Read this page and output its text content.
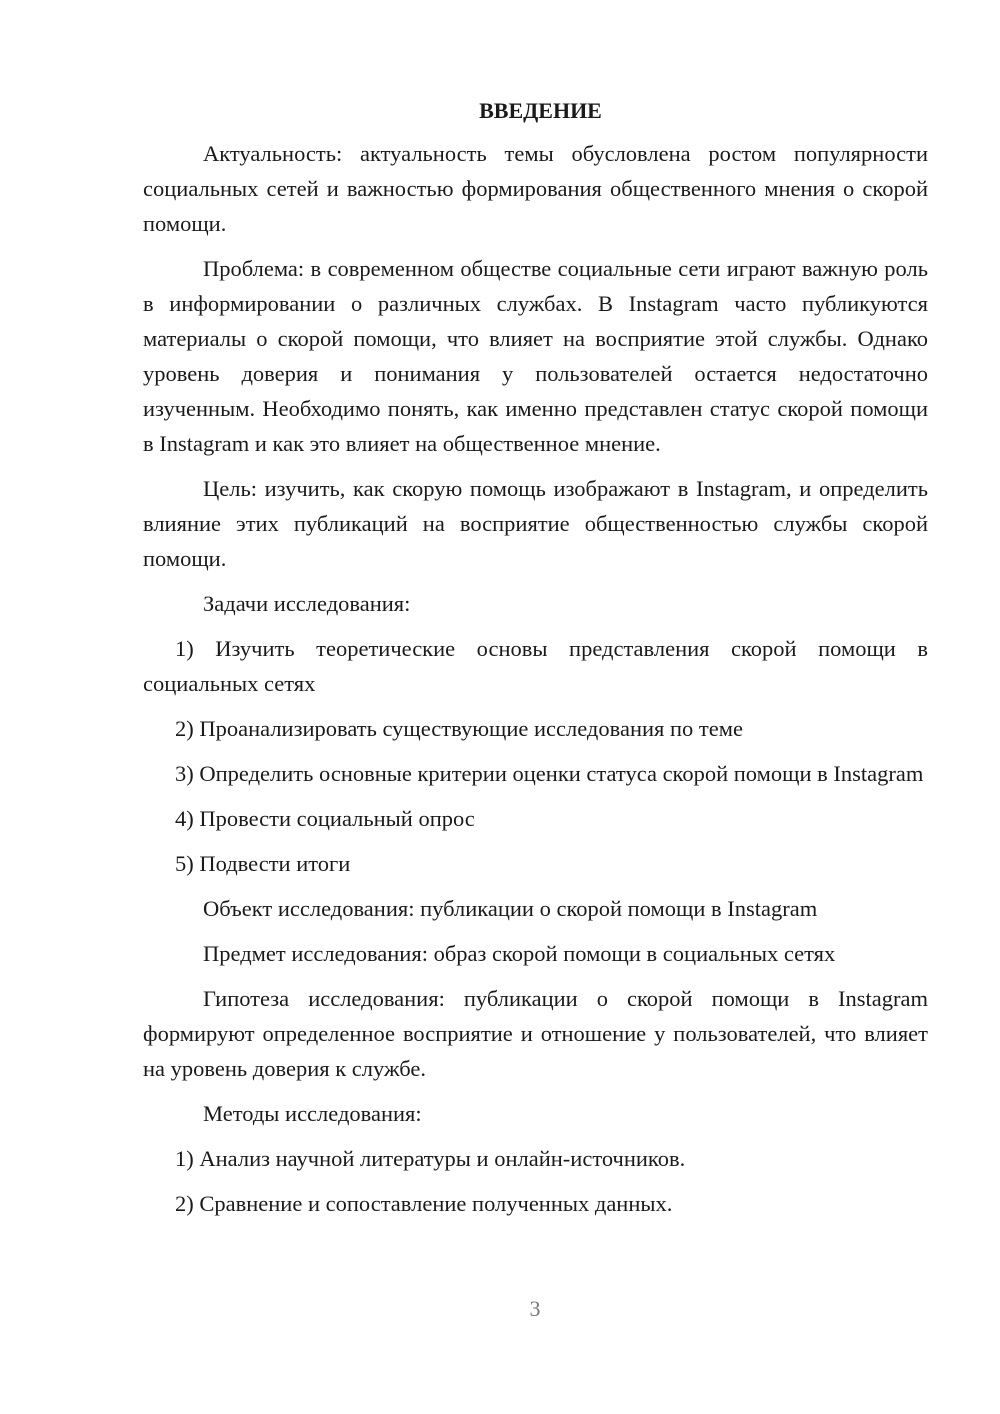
ВВЕДЕНИЕ

Актуальность: актуальность темы обусловлена ростом популярности социальных сетей и важностью формирования общественного мнения о скорой помощи.

Проблема: в современном обществе социальные сети играют важную роль в информировании о различных службах. В Instagram часто публикуются материалы о скорой помощи, что влияет на восприятие этой службы. Однако уровень доверия и понимания у пользователей остается недостаточно изученным. Необходимо понять, как именно представлен статус скорой помощи в Instagram и как это влияет на общественное мнение.

Цель: изучить, как скорую помощь изображают в Instagram, и определить влияние этих публикаций на восприятие общественностью службы скорой помощи.

Задачи исследования:

1) Изучить теоретические основы представления скорой помощи в социальных сетях

2) Проанализировать существующие исследования по теме

3) Определить основные критерии оценки статуса скорой помощи в Instagram

4) Провести социальный опрос

5) Подвести итоги

Объект исследования: публикации о скорой помощи в Instagram

Предмет исследования: образ скорой помощи в социальных сетях

Гипотеза исследования: публикации о скорой помощи в Instagram формируют определенное восприятие и отношение у пользователей, что влияет на уровень доверия к службе.

Методы исследования:

1) Анализ научной литературы и онлайн-источников.

2) Сравнение и сопоставление полученных данных.

3
